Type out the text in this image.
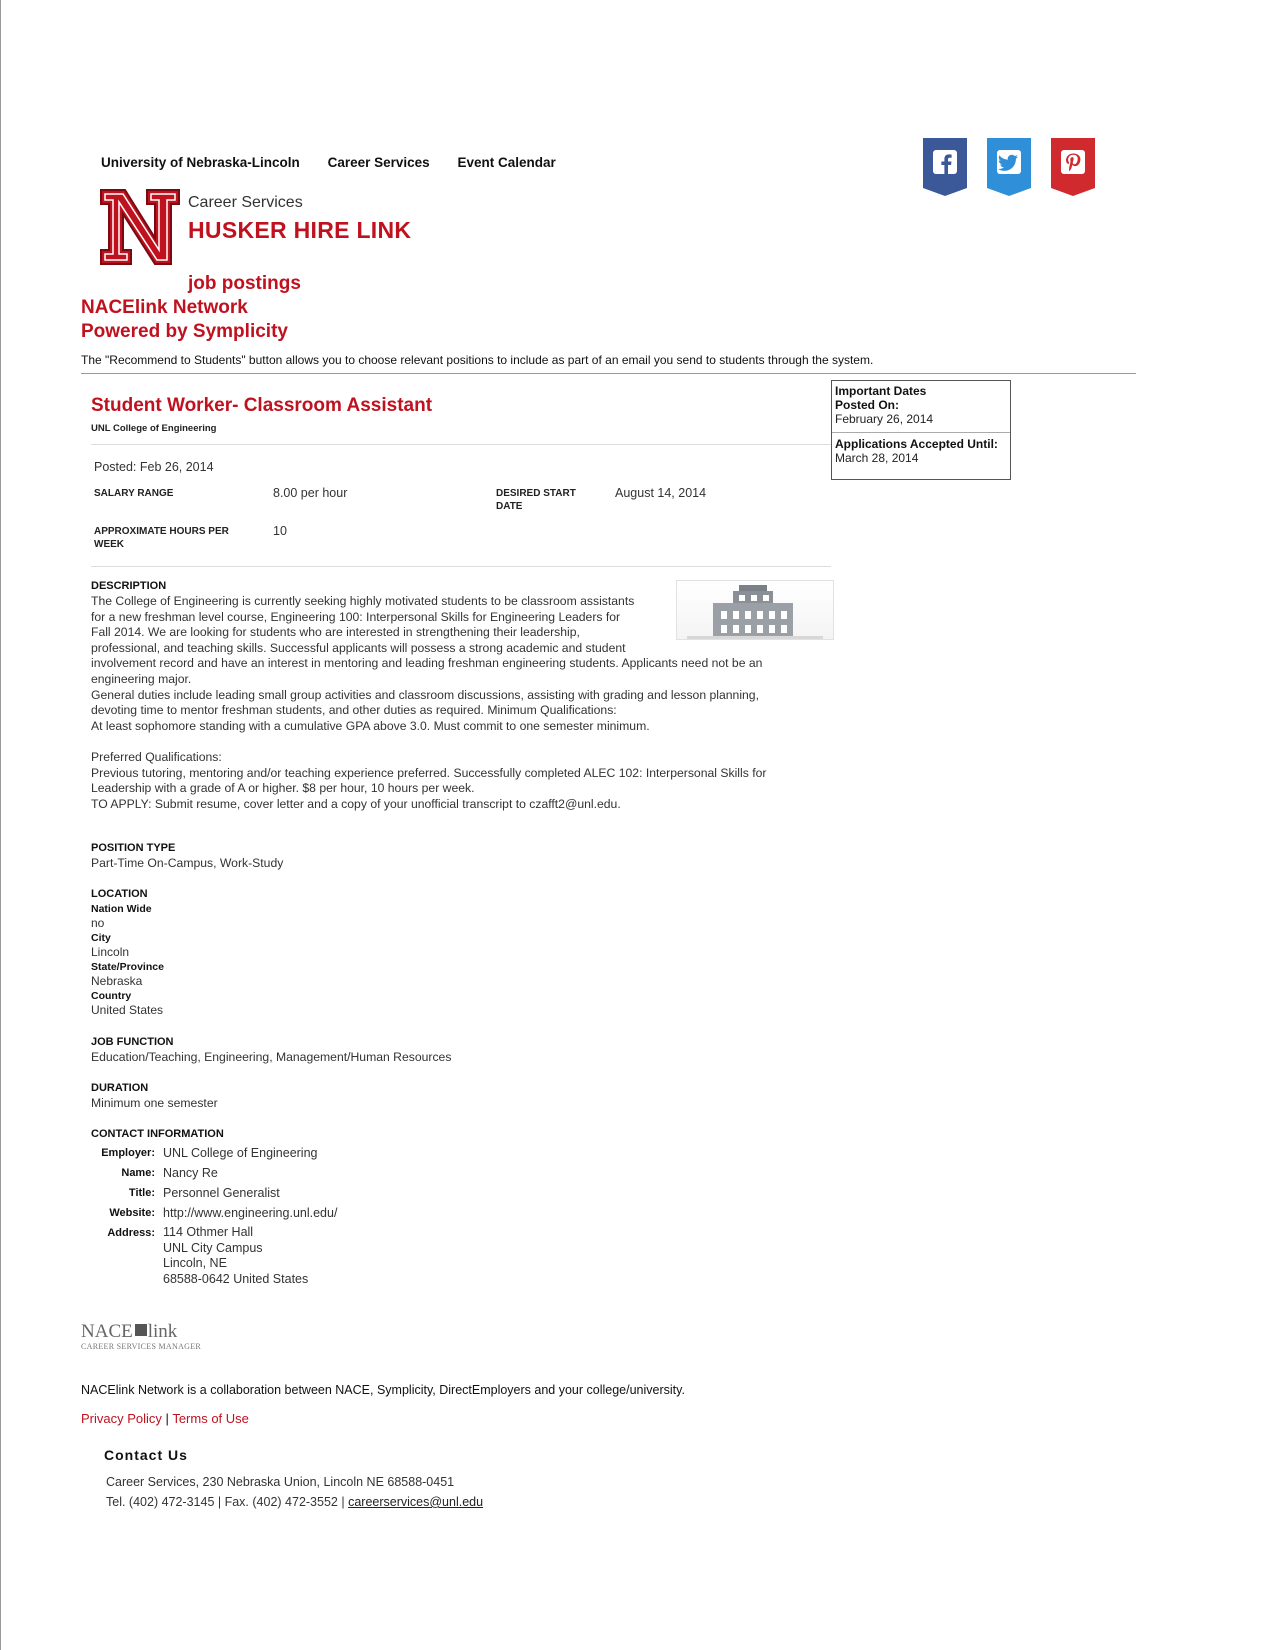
University of Nebraska-Lincoln Career Services Event Calendar
Career Services
HUSKER HIRE LINK
job postings
NACElink Network
Powered by Symplicity
The "Recommend to Students" button allows you to choose relevant positions to include as part of an email you send to students through the system.
Student Worker- Classroom Assistant
UNL College of Engineering
Important Dates
Posted On:
February 26, 2014
Applications Accepted Until:
March 28, 2014
Posted: Feb 26, 2014
SALARY RANGE	8.00 per hour	DESIRED START
DATE
August 14, 2014
APPROXIMATE HOURS PER
WEEK
10
DESCRIPTION
The College of Engineering is currently seeking highly motivated students to be classroom assistants
for a new freshman level course, Engineering 100: Interpersonal Skills for Engineering Leaders for
Fall 2014. We are looking for students who are interested in strengthening their leadership,
professional, and teaching skills. Successful applicants will possess a strong academic and student
involvement record and have an interest in mentoring and leading freshman engineering students. Applicants need not be an
engineering major.
General duties include leading small group activities and classroom discussions, assisting with grading and lesson planning,
devoting time to mentor freshman students, and other duties as required. Minimum Qualifications:
At least sophomore standing with a cumulative GPA above 3.0. Must commit to one semester minimum.
Preferred Qualifications:
Previous tutoring, mentoring and/or teaching experience preferred. Successfully completed ALEC 102: Interpersonal Skills for
Leadership with a grade of A or higher. $8 per hour, 10 hours per week.
TO APPLY: Submit resume, cover letter and a copy of your unofficial transcript to czafft2@unl.edu.
POSITION TYPE
Part-Time On-Campus, Work-Study
LOCATION
Nation Wide
no
City
Lincoln
State/Province
Nebraska
Country
United States
JOB FUNCTION
Education/Teaching, Engineering, Management/Human Resources
DURATION
Minimum one semester
CONTACT INFORMATION
Employer: UNL College of Engineering
Name: Nancy Re
Title: Personnel Generalist
Website: http://www.engineering.unl.edu/
Address: 114 Othmer Hall
UNL City Campus
Lincoln, NE
68588-0642 United States
NACE link
CAREER SERVICES MANAGER
NACElink Network is a collaboration between NACE, Symplicity, DirectEmployers and your college/university.
Privacy Policy | Terms of Use
Contact Us
Career Services, 230 Nebraska Union, Lincoln NE 68588-0451
Tel. (402) 472-3145 | Fax. (402) 472-3552 | careerservices@unl.edu
